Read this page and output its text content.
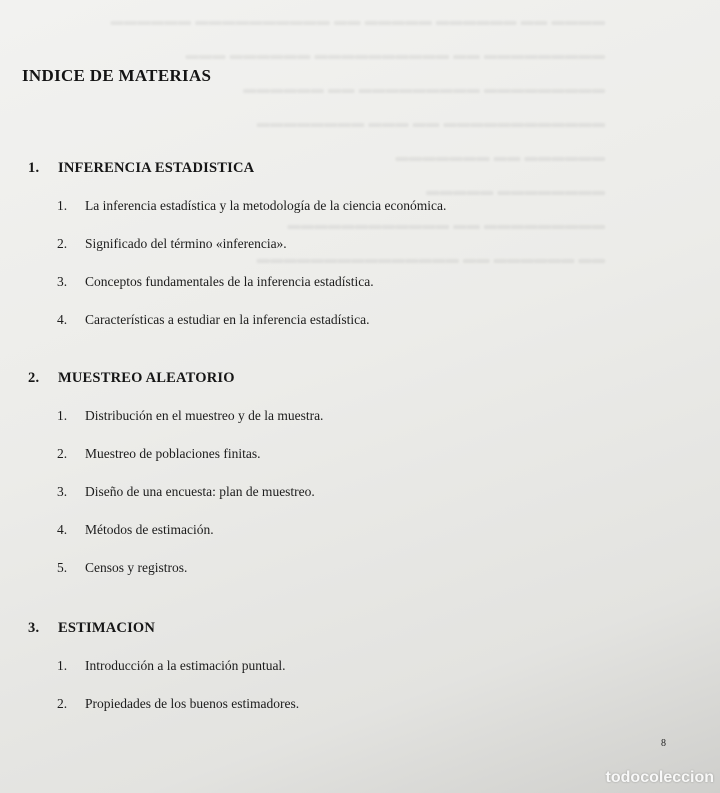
▬▬▬▬ ▬▬ ▬▬▬▬▬▬ ▬▬▬▬▬ ▬▬ ▬▬▬▬▬▬▬▬▬▬ ▬▬▬▬▬▬
▬▬▬▬▬▬▬▬▬ ▬▬ ▬▬▬▬▬▬▬▬▬▬ ▬▬▬▬▬▬ ▬▬▬
▬▬▬▬▬▬▬▬▬ ▬▬▬▬▬▬▬▬▬ ▬▬ ▬▬▬▬▬▬
▬▬▬▬▬▬▬▬▬▬▬▬ ▬▬ ▬▬▬ ▬▬▬▬▬▬▬▬
▬▬▬▬▬▬ ▬▬ ▬▬▬▬▬▬▬
▬▬▬▬▬▬▬▬ ▬▬▬▬▬
▬▬▬▬▬▬▬▬▬ ▬▬ ▬▬▬▬▬▬▬▬▬▬▬▬
▬▬ ▬▬▬▬▬▬ ▬▬ ▬▬▬▬▬▬▬▬▬▬▬▬▬▬▬
INDICE DE MATERIAS
1. INFERENCIA ESTADISTICA
1.	La inferencia estadística y la metodología de la ciencia económica.
2.	Significado del término «inferencia».
3.	Conceptos fundamentales de la inferencia estadística.
4.	Características a estudiar en la inferencia estadística.
2. MUESTREO ALEATORIO
1.	Distribución en el muestreo y de la muestra.
2.	Muestreo de poblaciones finitas.
3.	Diseño de una encuesta: plan de muestreo.
4.	Métodos de estimación.
5.	Censos y registros.
3. ESTIMACION
1.	Introducción a la estimación puntual.
2.	Propiedades de los buenos estimadores.
8
todocoleccion
